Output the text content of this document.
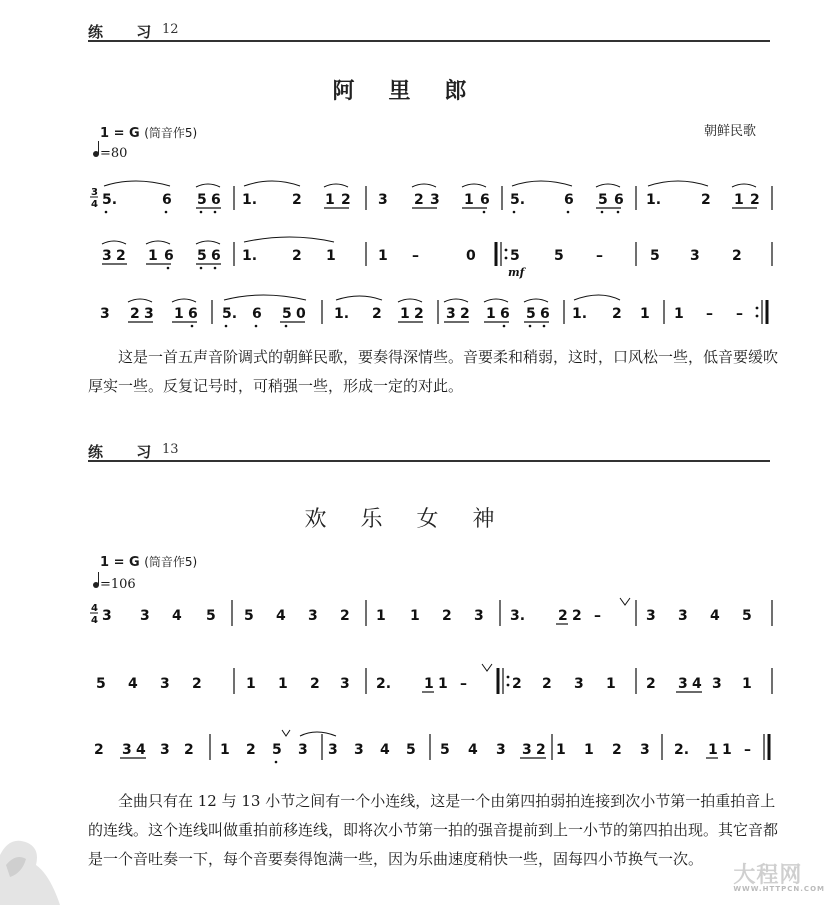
练 习
12
阿里郎
1 = G (筒音作5)
=80
朝鲜民歌
3
4 5.	6 5 6 1. 2 1 2 3 2 3 1 6 5.	6 5 6 1.	2 1 2
3 2 1 6 5 6 1. 2 1	1 –	0 5
mf
5 –	5 3 2
3 2 3 1 6 5. 6 5 0 1. 2 1 2 3 2 1 6 5 6 1. 2 1 1 – –
这是一首五声音阶调式的朝鲜民歌，要奏得深情些。音要柔和稍弱，这时，口风松一些，低音要缓吹厚实一些。反复记号时，可稍强一些，形成一定的对此。
练 习
13
欢乐女神
1 = G (筒音作5)
=106
4
4 3 3 4 5 5 4 3 2 1 1 2 3 3. 2 2 –	3 3 4 5
5 4 3 2	1 1 2 3 2. 1 1 –	2 2 3 1 2 3 4 3 1
2 3 4 3 2 1 2 5 3 3 3 4 5 5 4 3 3 2 1 1 2 3 2. 1 1 –
全曲只有在 12 与 13 小节之间有一个小连线，这是一个由第四拍弱拍连接到次小节第一拍重拍音上的连线。这个连线叫做重拍前移连线，即将次小节第一拍的强音提前到上一小节的第四拍出现。其它音都是一个音吐奏一下，每个音要奏得饱满一些，因为乐曲速度稍快一些，固每四小节换气一次。
大程网
WWW.HTTPCN.COM
